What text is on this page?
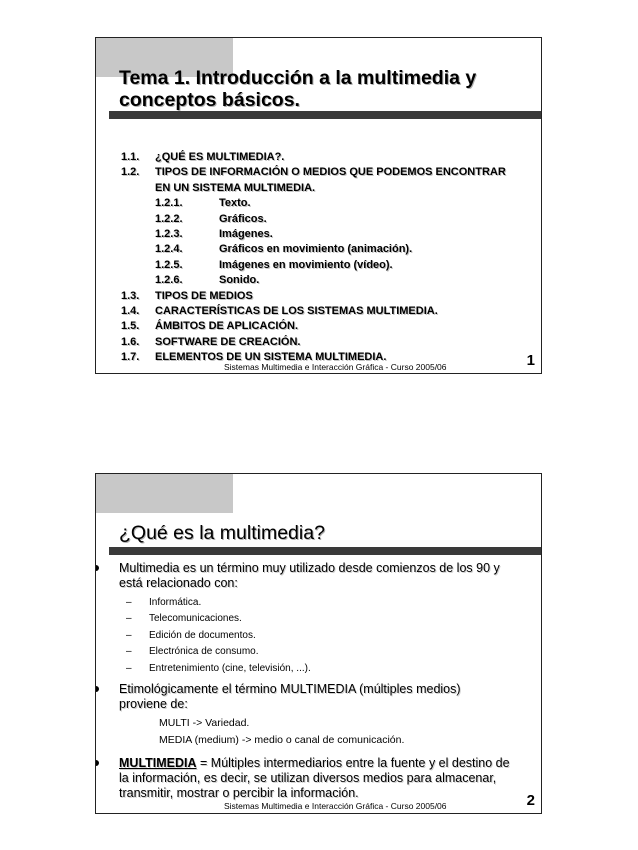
Tema 1. Introducción a la multimedia y conceptos básicos.
1.1. ¿QUÉ ES MULTIMEDIA?.
1.2. TIPOS DE INFORMACIÓN O MEDIOS QUE PODEMOS ENCONTRAR
EN UN SISTEMA MULTIMEDIA.
1.2.1.	Texto.
1.2.2.	Gráficos.
1.2.3.	Imágenes.
1.2.4.	Gráficos en movimiento (animación).
1.2.5.	Imágenes en movimiento (vídeo).
1.2.6.	Sonido.
1.3. TIPOS DE MEDIOS
1.4. CARACTERÍSTICAS DE LOS SISTEMAS MULTIMEDIA.
1.5. ÁMBITOS DE APLICACIÓN.
1.6. SOFTWARE DE CREACIÓN.
1.7. ELEMENTOS DE UN SISTEMA MULTIMEDIA.
Sistemas Multimedia e Interacción Gráfica - Curso 2005/06	1
¿Qué es la multimedia?
Multimedia es un término muy utilizado desde comienzos de los 90 y
está relacionado con:
– Informática.
– Telecomunicaciones.
– Edición de documentos.
– Electrónica de consumo.
– Entretenimiento (cine, televisión, ...).
Etimológicamente el término MULTIMEDIA (múltiples medios)
proviene de:
MULTI -> Variedad.
MEDIA (medium) -> medio o canal de comunicación.
MULTIMEDIA = Múltiples intermediarios entre la fuente y el destino de
la información, es decir, se utilizan diversos medios para almacenar,
transmitir, mostrar o percibir la información.
Sistemas Multimedia e Interacción Gráfica - Curso 2005/06	2
